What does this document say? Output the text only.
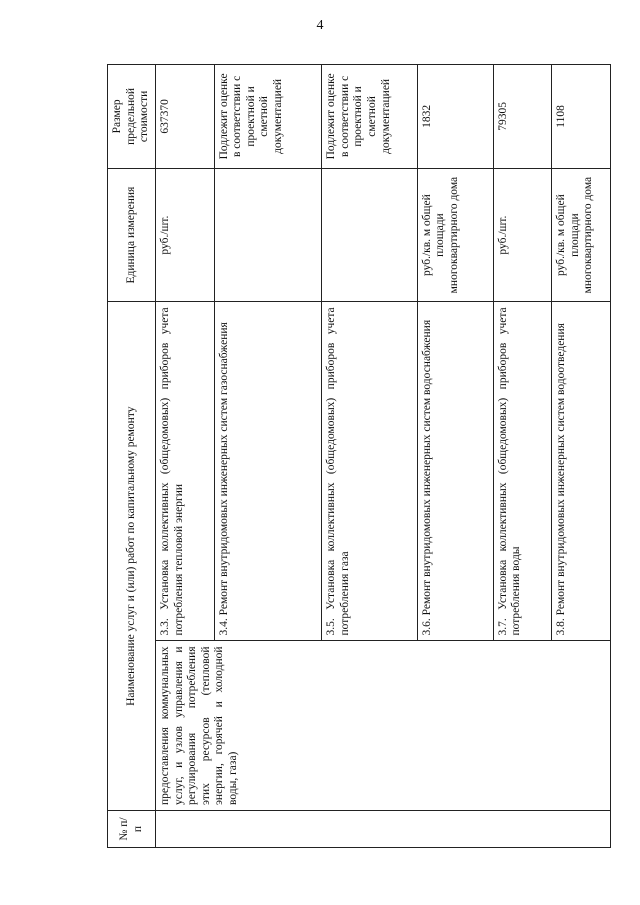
4
№ п/п	Наименование услуг и (или) работ по капитальному ремонту		Единица измерения	Размер предельной стоимости
	предоставления коммунальных услуг, и узлов управления и регулирования потребления этих ресурсов (тепловой энергии, горячей и холодной воды, газа)	3.3. Установка коллективных (общедомовых) приборов учета потребления тепловой энергии	руб./шт.	637370
		3.4. Ремонт внутридомовых инженерных систем газоснабжения		Подлежит оценке в соответствии с проектной и сметной документацией
		3.5. Установка коллективных (общедомовых) приборов учета потребления газа		Подлежит оценке в соответствии с проектной и сметной документацией
		3.6. Ремонт внутридомовых инженерных систем водоснабжения	руб./кв. м общей площади многоквартирного дома	1832
		3.7. Установка коллективных (общедомовых) приборов учета потребления воды	руб./шт.	79305
		3.8. Ремонт внутридомовых инженерных систем водоотведения	руб./кв. м общей площади многоквартирного дома	1108
